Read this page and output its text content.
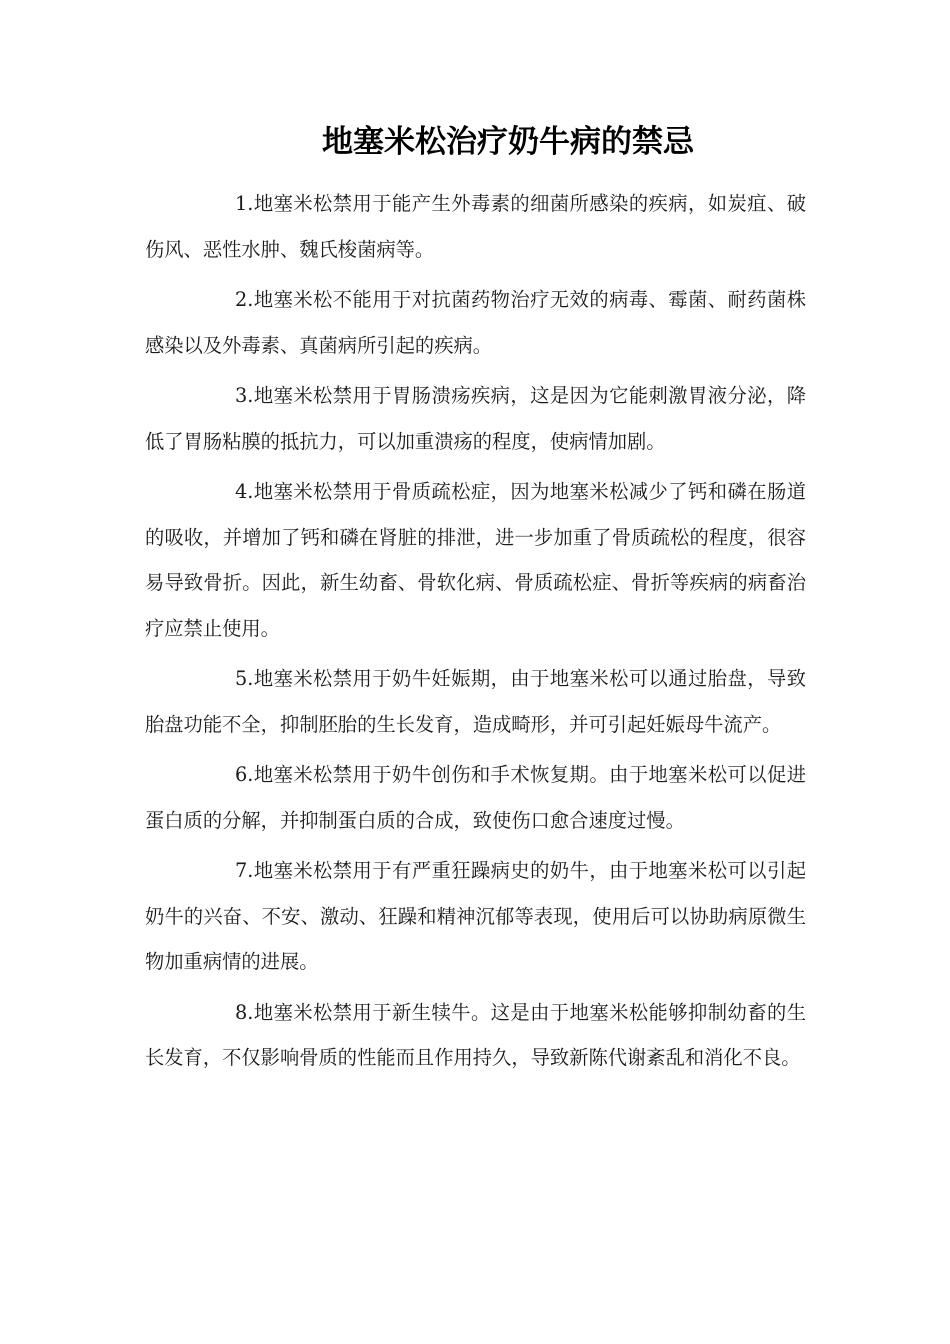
地塞米松治疗奶牛病的禁忌

1.地塞米松禁用于能产生外毒素的细菌所感染的疾病，如炭疽、破伤风、恶性水肿、魏氏梭菌病等。

2.地塞米松不能用于对抗菌药物治疗无效的病毒、霉菌、耐药菌株感染以及外毒素、真菌病所引起的疾病。

3.地塞米松禁用于胃肠溃疡疾病，这是因为它能刺激胃液分泌，降低了胃肠粘膜的抵抗力，可以加重溃疡的程度，使病情加剧。

4.地塞米松禁用于骨质疏松症，因为地塞米松减少了钙和磷在肠道的吸收，并增加了钙和磷在肾脏的排泄，进一步加重了骨质疏松的程度，很容易导致骨折。因此，新生幼畜、骨软化病、骨质疏松症、骨折等疾病的病畜治疗应禁止使用。

5.地塞米松禁用于奶牛妊娠期，由于地塞米松可以通过胎盘，导致胎盘功能不全，抑制胚胎的生长发育，造成畸形，并可引起妊娠母牛流产。

6.地塞米松禁用于奶牛创伤和手术恢复期。由于地塞米松可以促进蛋白质的分解，并抑制蛋白质的合成，致使伤口愈合速度过慢。

7.地塞米松禁用于有严重狂躁病史的奶牛，由于地塞米松可以引起奶牛的兴奋、不安、激动、狂躁和精神沉郁等表现，使用后可以协助病原微生物加重病情的进展。

8.地塞米松禁用于新生犊牛。这是由于地塞米松能够抑制幼畜的生长发育，不仅影响骨质的性能而且作用持久，导致新陈代谢紊乱和消化不良。
